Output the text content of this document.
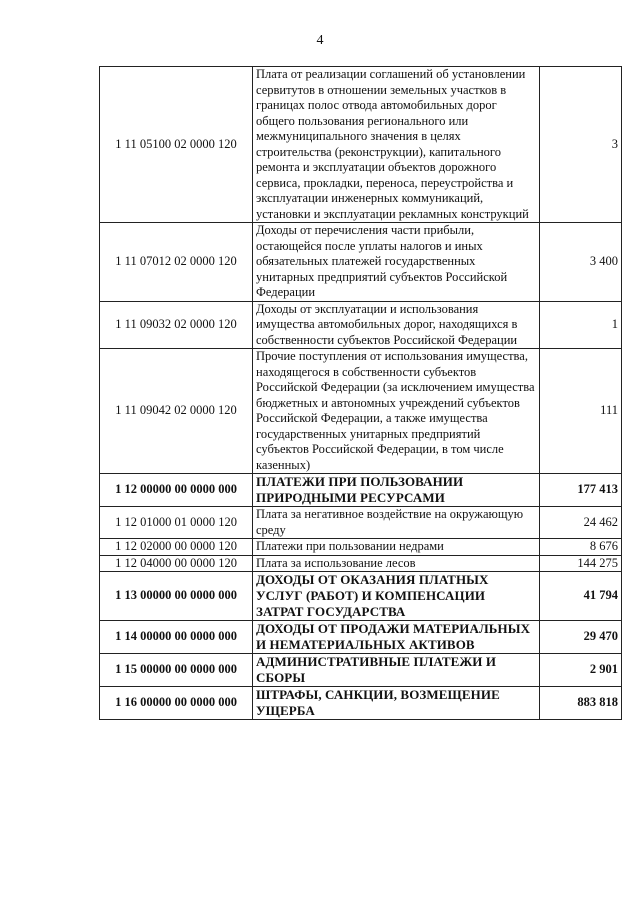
4
1 11 05100 02 0000 120	Плата от реализации соглашений об установлении сервитутов в отношении земельных участков в границах полос отвода автомобильных дорог общего пользования регионального или межмуниципального значения в целях строительства (реконструкции), капитального ремонта и эксплуатации объектов дорожного сервиса, прокладки, переноса, переустройства и эксплуатации инженерных коммуникаций, установки и эксплуатации рекламных конструкций	3
1 11 07012 02 0000 120	Доходы от перечисления части прибыли, остающейся после уплаты налогов и иных обязательных платежей государственных унитарных предприятий субъектов Российской Федерации	3 400
1 11 09032 02 0000 120	Доходы от эксплуатации и использования имущества автомобильных дорог, находящихся в собственности субъектов Российской Федерации	1
1 11 09042 02 0000 120	Прочие поступления от использования имущества, находящегося в собственности субъектов Российской Федерации (за исключением имущества бюджетных и автономных учреждений субъектов Российской Федерации, а также имущества государственных унитарных предприятий субъектов Российской Федерации, в том числе казенных)	111
1 12 00000 00 0000 000	ПЛАТЕЖИ ПРИ ПОЛЬЗОВАНИИ ПРИРОДНЫМИ РЕСУРСАМИ	177 413
1 12 01000 01 0000 120	Плата за негативное воздействие на окружающую среду	24 462
1 12 02000 00 0000 120	Платежи при пользовании недрами	8 676
1 12 04000 00 0000 120	Плата за использование лесов	144 275
1 13 00000 00 0000 000	ДОХОДЫ ОТ ОКАЗАНИЯ ПЛАТНЫХ УСЛУГ (РАБОТ) И КОМПЕНСАЦИИ ЗАТРАТ ГОСУДАРСТВА	41 794
1 14 00000 00 0000 000	ДОХОДЫ ОТ ПРОДАЖИ МАТЕРИАЛЬНЫХ И НЕМАТЕРИАЛЬНЫХ АКТИВОВ	29 470
1 15 00000 00 0000 000	АДМИНИСТРАТИВНЫЕ ПЛАТЕЖИ И СБОРЫ	2 901
1 16 00000 00 0000 000	ШТРАФЫ, САНКЦИИ, ВОЗМЕЩЕНИЕ УЩЕРБА	883 818
